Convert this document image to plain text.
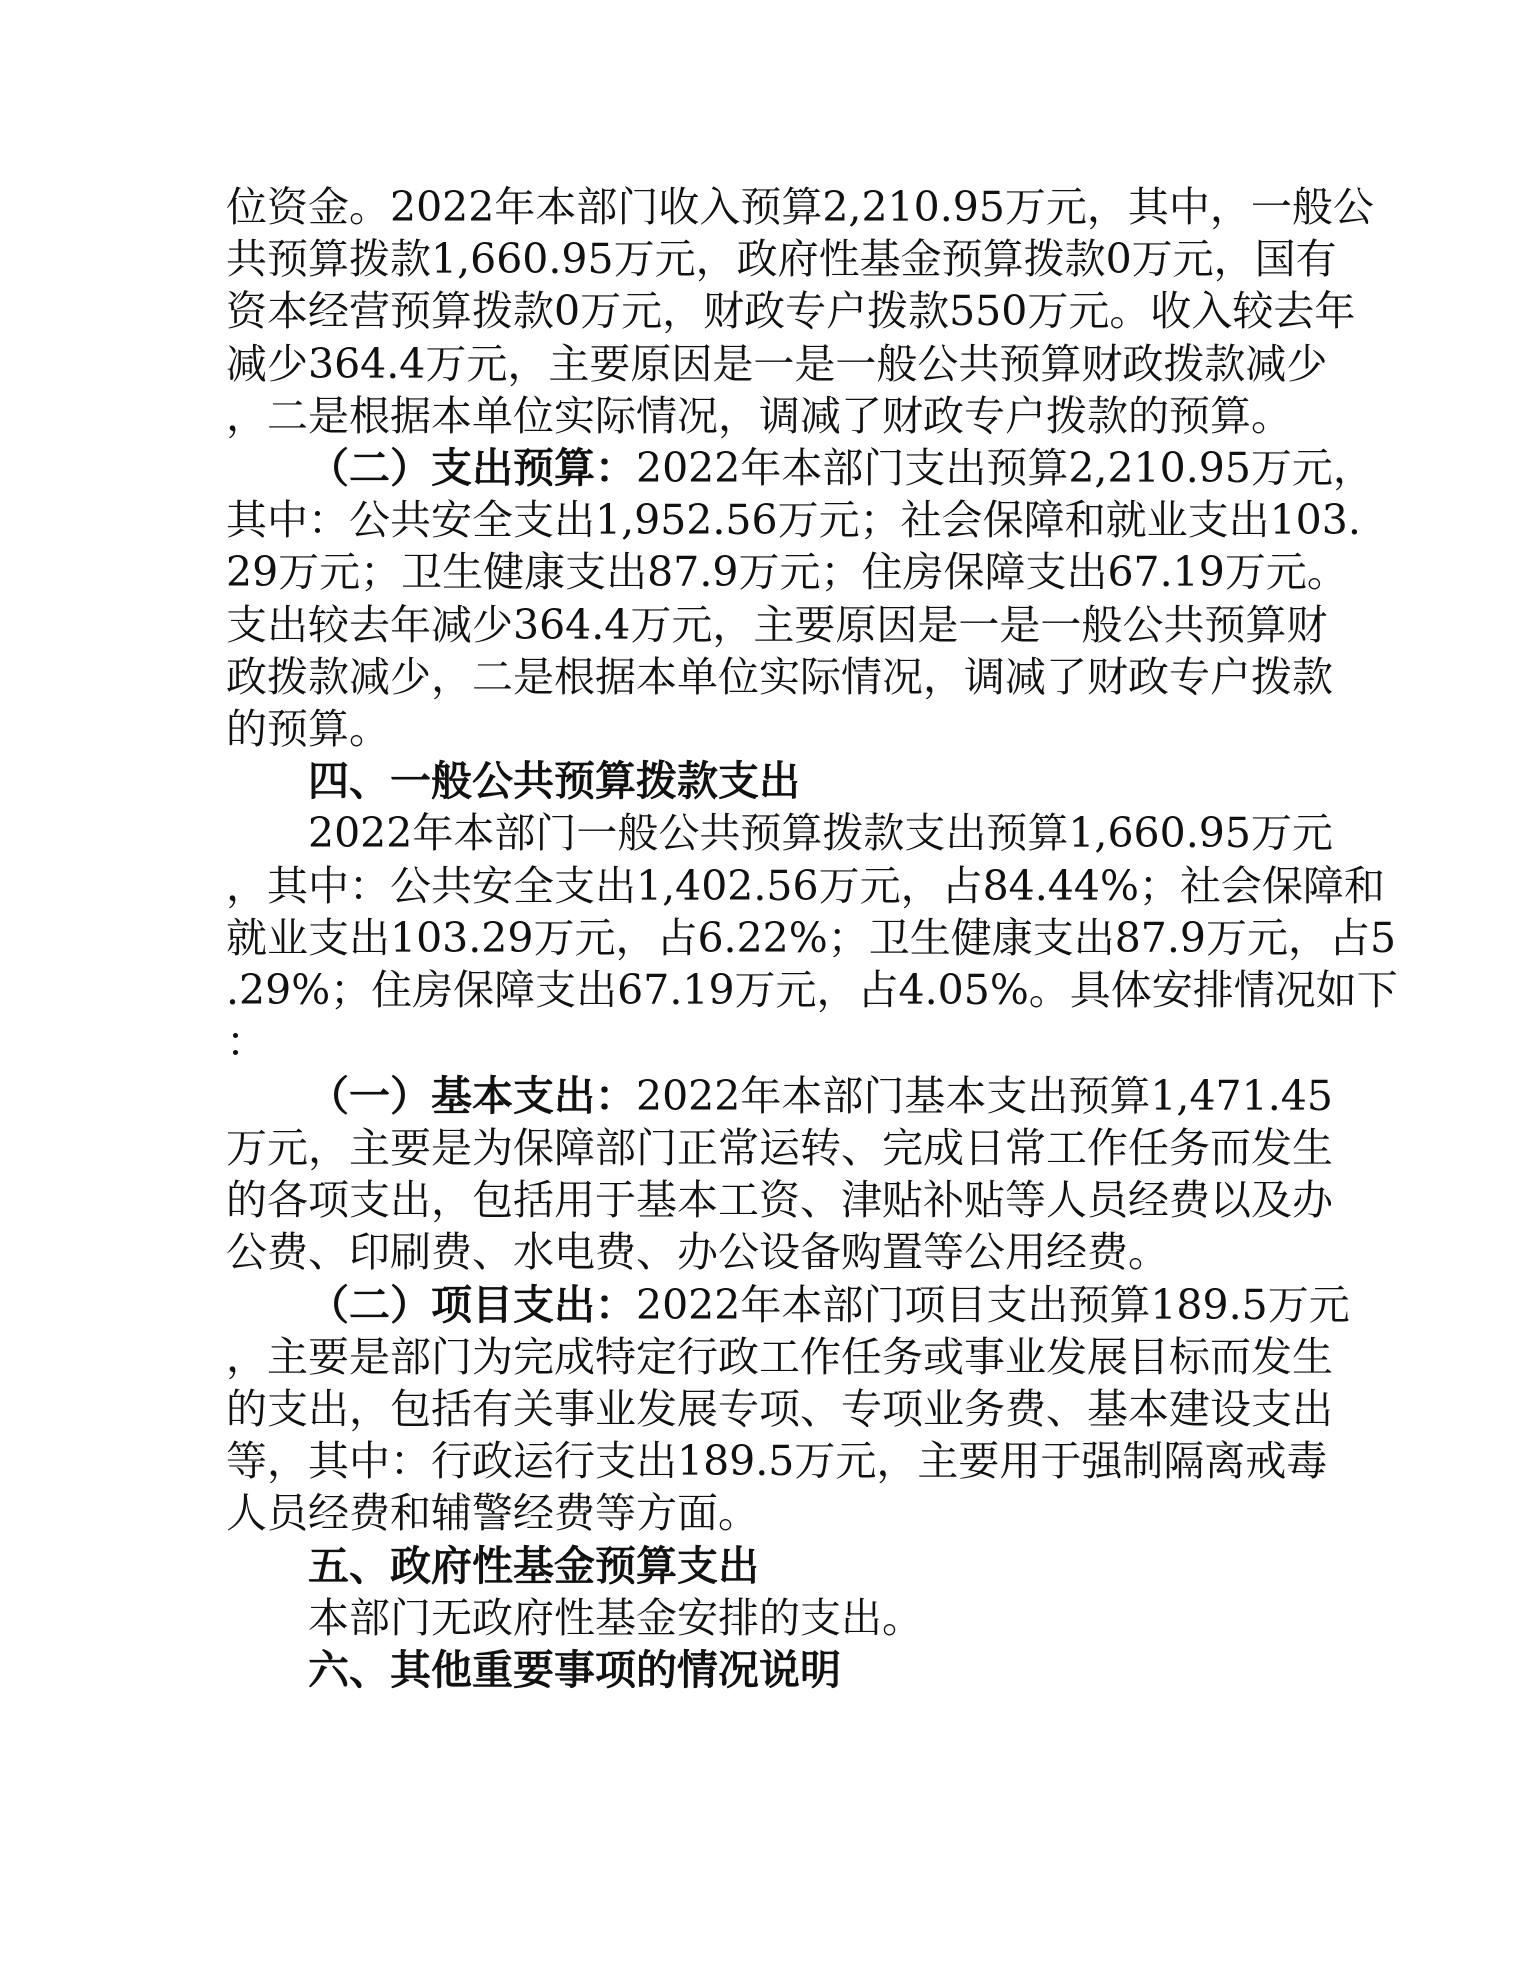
位资金。2022年本部门收入预算2,210.95万元，其中，一般公

共预算拨款1,660.95万元，政府性基金预算拨款0万元，国有

资本经营预算拨款0万元，财政专户拨款550万元。收入较去年

减少364.4万元，主要原因是一是一般公共预算财政拨款减少

，二是根据本单位实际情况，调减了财政专户拨款的预算。

（二）支出预算：2022年本部门支出预算2,210.95万元，

其中：公共安全支出1,952.56万元；社会保障和就业支出103.

29万元；卫生健康支出87.9万元；住房保障支出67.19万元。

支出较去年减少364.4万元，主要原因是一是一般公共预算财

政拨款减少，二是根据本单位实际情况，调减了财政专户拨款

的预算。

四、一般公共预算拨款支出

2022年本部门一般公共预算拨款支出预算1,660.95万元

，其中：公共安全支出1,402.56万元，占84.44%；社会保障和

就业支出103.29万元，占6.22%；卫生健康支出87.9万元，占5

.29%；住房保障支出67.19万元，占4.05%。具体安排情况如下

：

（一）基本支出：2022年本部门基本支出预算1,471.45

万元，主要是为保障部门正常运转、完成日常工作任务而发生

的各项支出，包括用于基本工资、津贴补贴等人员经费以及办

公费、印刷费、水电费、办公设备购置等公用经费。

（二）项目支出：2022年本部门项目支出预算189.5万元

，主要是部门为完成特定行政工作任务或事业发展目标而发生

的支出，包括有关事业发展专项、专项业务费、基本建设支出

等，其中：行政运行支出189.5万元，主要用于强制隔离戒毒

人员经费和辅警经费等方面。

五、政府性基金预算支出

本部门无政府性基金安排的支出。

六、其他重要事项的情况说明
